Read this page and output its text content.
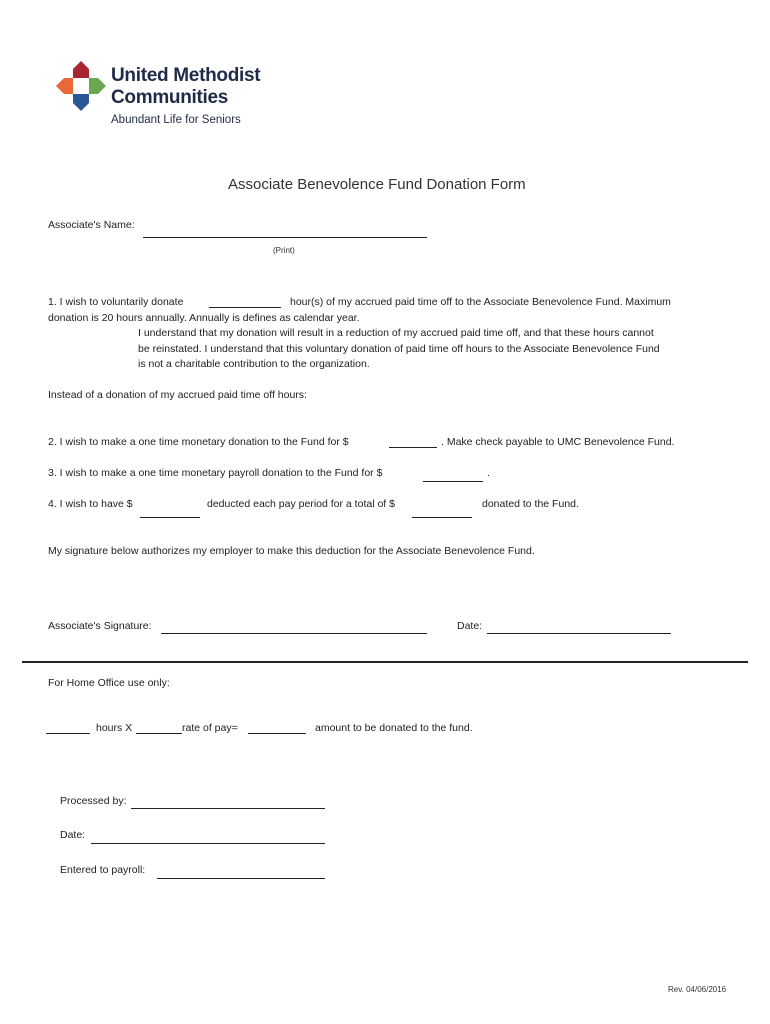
United Methodist
Communities
Abundant Life for Seniors
Associate Benevolence Fund Donation Form
Associate's Name:
(Print)
1. I wish to voluntarily donate	hour(s) of my accrued paid time off to the Associate Benevolence Fund. Maximum
donation is 20 hours annually. Annually is defines as calendar year.
I understand that my donation will result in a reduction of my accrued paid time off, and that these hours cannot
be reinstated. I understand that this voluntary donation of paid time off hours to the Associate Benevolence Fund
is not a charitable contribution to the organization.
Instead of a donation of my accrued paid time off hours:
2. I wish to make a one time monetary donation to the Fund for $	. Make check payable to UMC Benevolence Fund.
3. I wish to make a one time monetary payroll donation to the Fund for $	.
4. I wish to have $	deducted each pay period for a total of $	donated to the Fund.
My signature below authorizes my employer to make this deduction for the Associate Benevolence Fund.
Associate's Signature:	Date:
For Home Office use only:
hours X	rate of pay=	amount to be donated to the fund.
Processed by:
Date:
Entered to payroll:
Rev. 04/06/2016
